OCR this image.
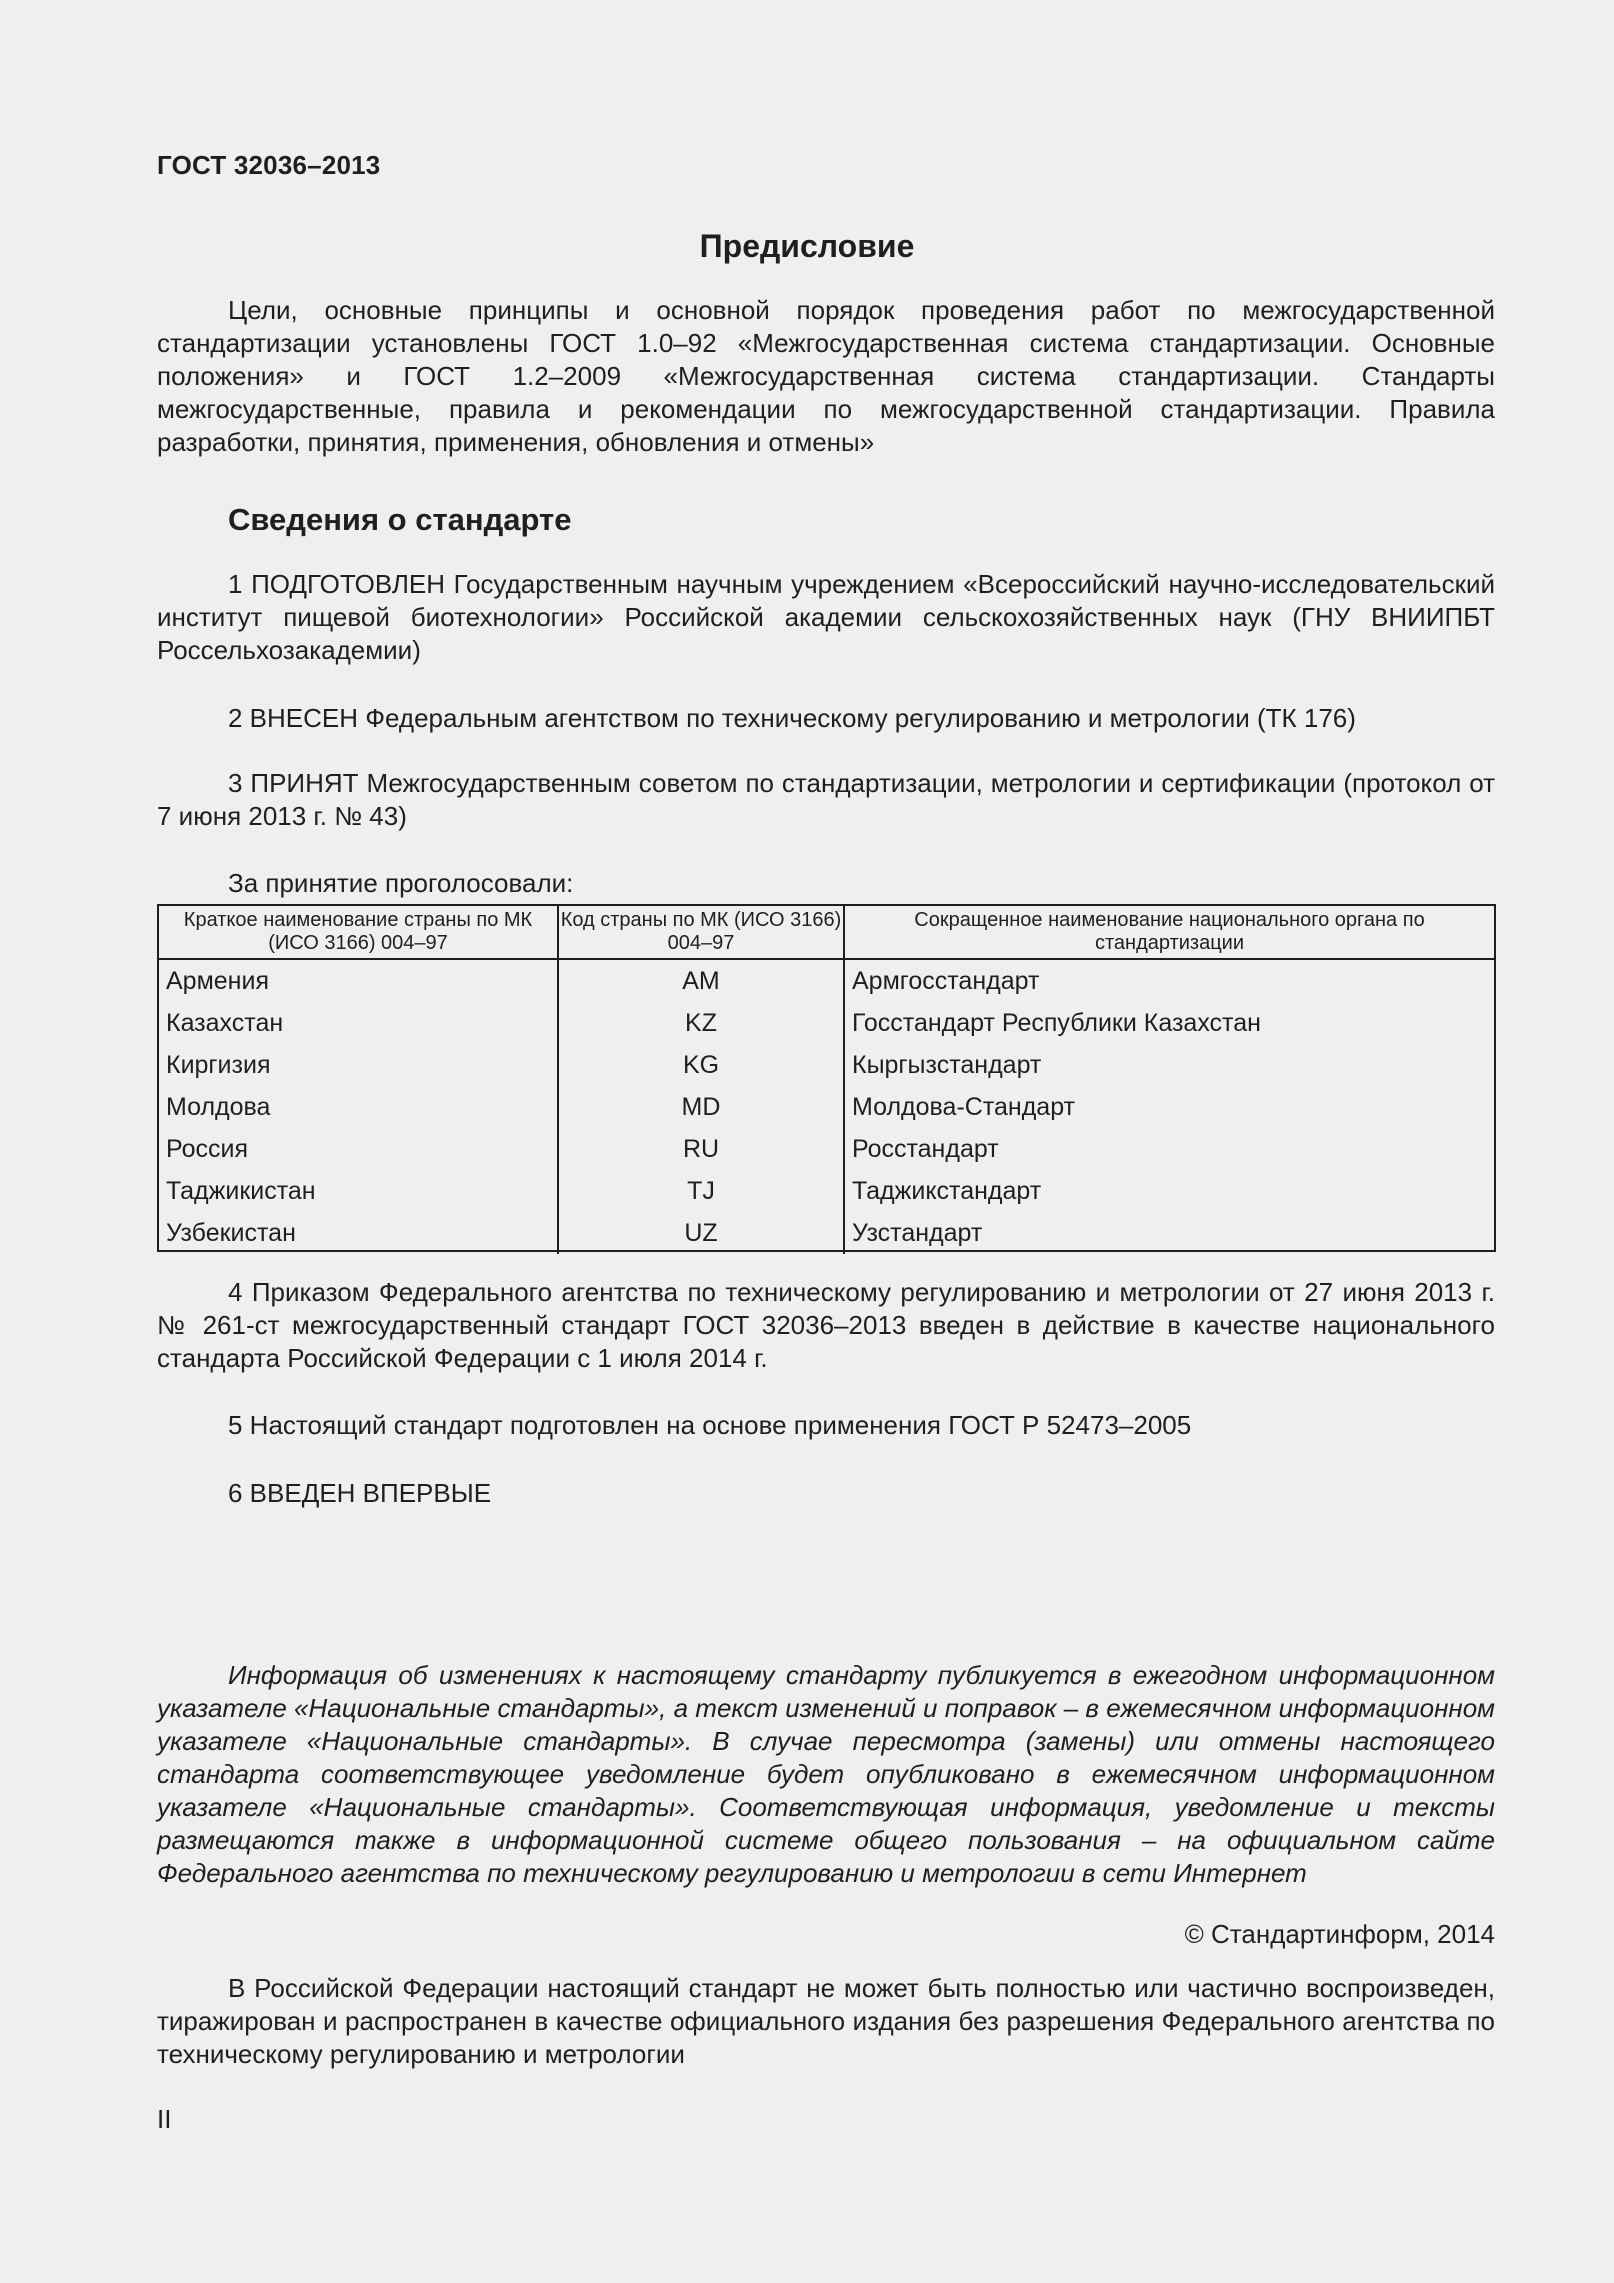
ГОСТ 32036–2013
Предисловие

Цели, основные принципы и основной порядок проведения работ по межгосударственной стандартизации установлены ГОСТ 1.0–92 «Межгосударственная система стандартизации. Основные положения» и ГОСТ 1.2–2009 «Межгосударственная система стандартизации. Стандарты межгосударственные, правила и рекомендации по межгосударственной стандартизации. Правила разработки, принятия, применения, обновления и отмены»

Сведения о стандарте

1 ПОДГОТОВЛЕН Государственным научным учреждением «Всероссийский научно-исследовательский институт пищевой биотехнологии» Российской академии сельскохозяйственных наук (ГНУ ВНИИПБТ Россельхозакадемии)

2 ВНЕСЕН Федеральным агентством по техническому регулированию и метрологии (ТК 176)

3 ПРИНЯТ Межгосударственным советом по стандартизации, метрологии и сертификации (протокол от 7 июня 2013 г. № 43)

За принятие проголосовали:
Краткое наименование страны по МК (ИСО 3166) 004–97	Код страны по МК (ИСО 3166) 004–97	Сокращенное наименование национального органа по стандартизации
Армения	AM	Армгосстандарт
Казахстан	KZ	Госстандарт Республики Казахстан
Киргизия	KG	Кыргызстандарт
Молдова	MD	Молдова-Стандарт
Россия	RU	Росстандарт
Таджикистан	TJ	Таджикстандарт
Узбекистан	UZ	Узстандарт

4 Приказом Федерального агентства по техническому регулированию и метрологии от 27 июня 2013 г. № 261-ст межгосударственный стандарт ГОСТ 32036–2013 введен в действие в качестве национального стандарта Российской Федерации с 1 июля 2014 г.

5 Настоящий стандарт подготовлен на основе применения ГОСТ Р 52473–2005

6 ВВЕДЕН ВПЕРВЫЕ

Информация об изменениях к настоящему стандарту публикуется в ежегодном информационном указателе «Национальные стандарты», а текст изменений и поправок – в ежемесячном информационном указателе «Национальные стандарты». В случае пересмотра (замены) или отмены настоящего стандарта соответствующее уведомление будет опубликовано в ежемесячном информационном указателе «Национальные стандарты». Соответствующая информация, уведомление и тексты размещаются также в информационной системе общего пользования – на официальном сайте Федерального агентства по техническому регулированию и метрологии в сети Интернет

© Стандартинформ, 2014

В Российской Федерации настоящий стандарт не может быть полностью или частично воспроизведен, тиражирован и распространен в качестве официального издания без разрешения Федерального агентства по техническому регулированию и метрологии

II
